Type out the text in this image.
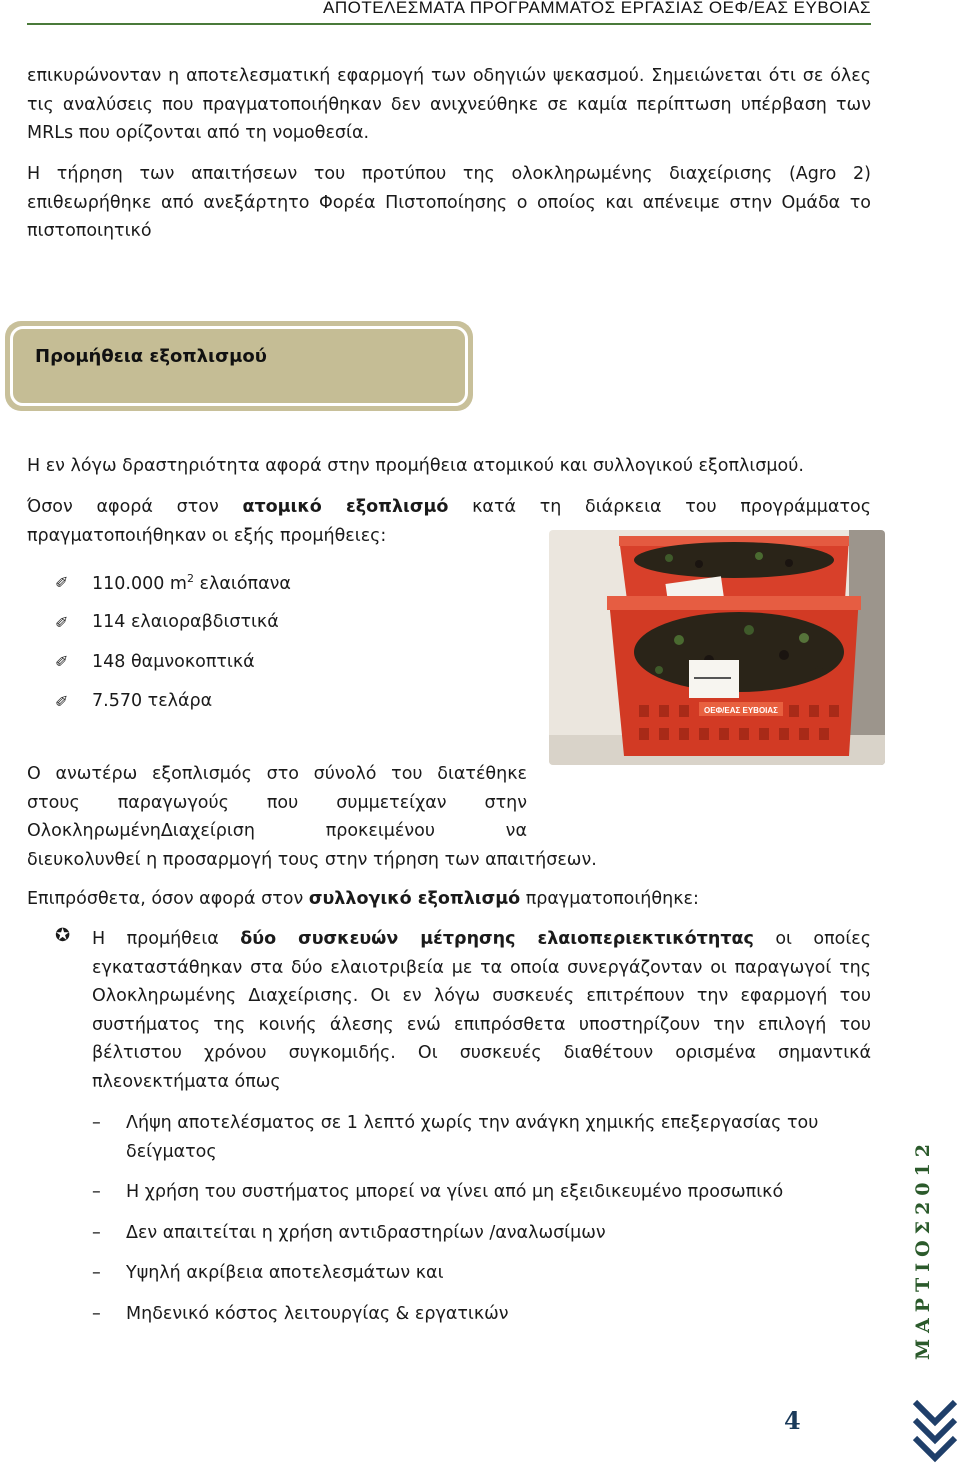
ΑΠΟΤΕΛΕΣΜΑΤΑ ΠΡΟΓΡΑΜΜΑΤΟΣ ΕΡΓΑΣΙΑΣ ΟΕΦ/ΕΑΣ ΕΥΒΟΙΑΣ

επικυρώνονταν η αποτελεσματική εφαρμογή των οδηγιών ψεκασμού. Σημειώνεται ότι σε όλες τις αναλύσεις που πραγματοποιήθηκαν δεν ανιχνεύθηκε σε καμία περίπτωση υπέρβαση των MRLs που ορίζονται από τη νομοθεσία.

Η τήρηση των απαιτήσεων του προτύπου της ολοκληρωμένης διαχείρισης (Agro 2) επιθεωρήθηκε από ανεξάρτητο Φορέα Πιστοποίησης ο οποίος και απένειμε στην Ομάδα το πιστοποιητικό

Προμήθεια εξοπλισμού

Η εν λόγω δραστηριότητα αφορά στην προμήθεια ατομικού και συλλογικού εξοπλισμού.

Όσον αφορά στον ατομικό εξοπλισμό κατά τη διάρκεια του προγράμματος πραγματοποιήθηκαν οι εξής προμήθειες:

✐	110.000 $m^2$ ελαιόπανα
✐	114 ελαιοραβδιστικά
✐	148 θαμνοκοπτικά
✐	7.570 τελάρα	ΟΕΦ/ΕΑΣ ΕΥΒΟΙΑΣ

Ο ανωτέρω εξοπλισμός στο σύνολό του διατέθηκε
στους παραγωγούς που συμμετείχαν στην
ΟλοκληρωμένηΔιαχείριση προκειμένου να
διευκολυνθεί η προσαρμογή τους στην τήρηση των απαιτήσεων.

Επιπρόσθετα, όσον αφορά στον συλλογικό εξοπλισμό πραγματοποιήθηκε:

✪ Η προμήθεια δύο συσκευών μέτρησης ελαιοπεριεκτικότητας οι οποίες εγκαταστάθηκαν στα δύο ελαιοτριβεία με τα οποία συνεργάζονταν οι παραγωγοί της Ολοκληρωμένης Διαχείρισης. Οι εν λόγω συσκευές επιτρέπουν την εφαρμογή του συστήματος της κοινής άλεσης ενώ επιπρόσθετα υποστηρίζουν την επιλογή του βέλτιστου χρόνου συγκομιδής. Οι συσκευές διαθέτουν ορισμένα σημαντικά πλεονεκτήματα όπως

– Λήψη αποτελέσματος σε 1 λεπτό χωρίς την ανάγκη χημικής επεξεργασίας του δείγματος
– Η χρήση του συστήματος μπορεί να γίνει από μη εξειδικευμένο προσωπικό
– Δεν απαιτείται η χρήση αντιδραστηρίων /αναλωσίμων
– Υψηλή ακρίβεια αποτελεσμάτων και
– Μηδενικό κόστος λειτουργίας & εργατικών	ΜΑΡΤΙΟΣ2012
4
